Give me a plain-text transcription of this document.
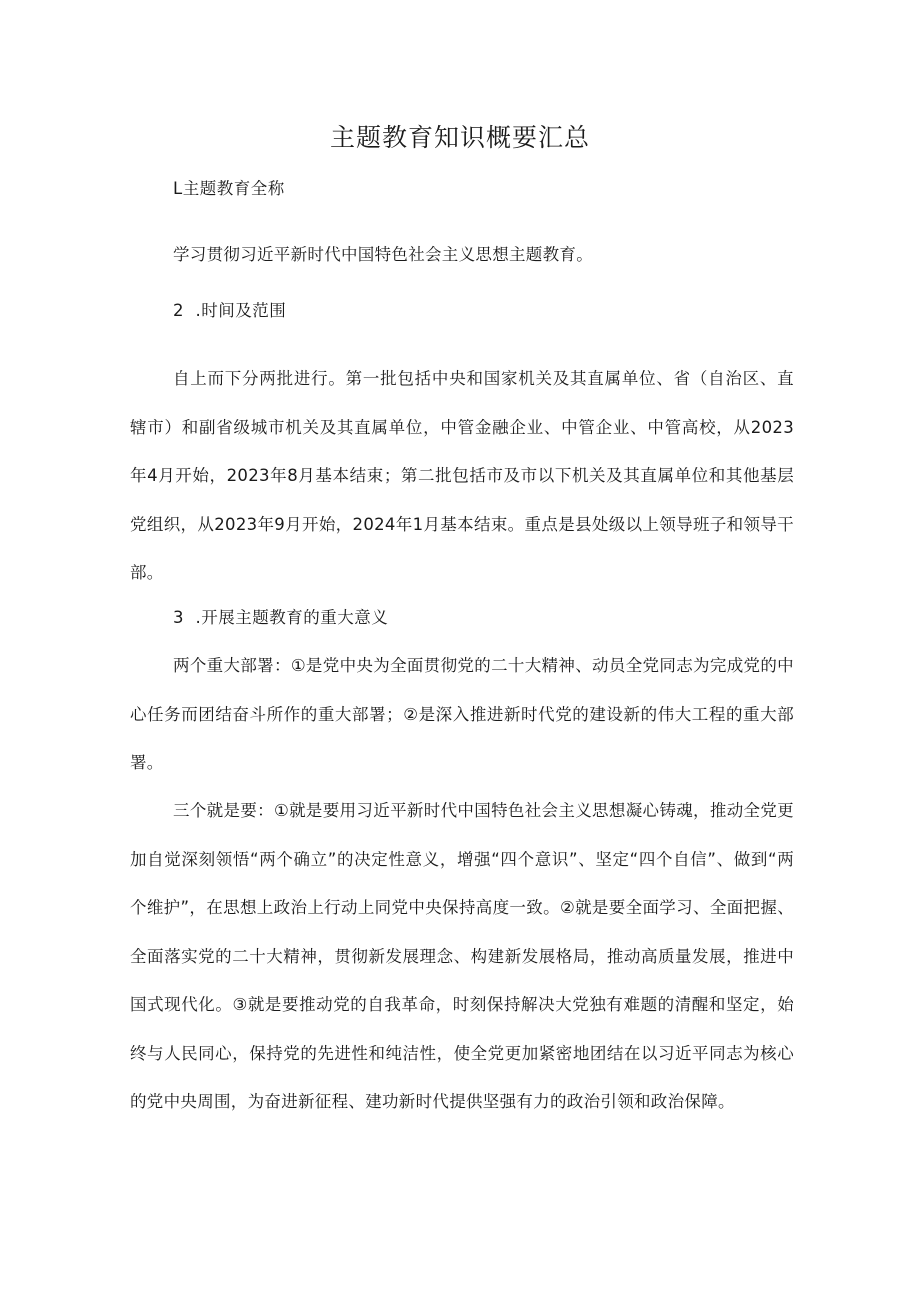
主题教育知识概要汇总
L主题教育全称

学习贯彻习近平新时代中国特色社会主义思想主题教育。

2  .时间及范围

自上而下分两批进行。第一批包括中央和国家机关及其直属单位、省（自治区、直辖市）和副省级城市机关及其直属单位，中管金融企业、中管企业、中管高校，从2023年4月开始，2023年8月基本结束；第二批包括市及市以下机关及其直属单位和其他基层党组织，从2023年9月开始，2024年1月基本结束。重点是县处级以上领导班子和领导干部。

3  .开展主题教育的重大意义

两个重大部署：①是党中央为全面贯彻党的二十大精神、动员全党同志为完成党的中心任务而团结奋斗所作的重大部署；②是深入推进新时代党的建设新的伟大工程的重大部署。

三个就是要：①就是要用习近平新时代中国特色社会主义思想凝心铸魂，推动全党更加自觉深刻领悟“两个确立”的决定性意义，增强“四个意识”、坚定“四个自信”、做到“两个维护”，在思想上政治上行动上同党中央保持高度一致。②就是要全面学习、全面把握、全面落实党的二十大精神，贯彻新发展理念、构建新发展格局，推动高质量发展，推进中国式现代化。③就是要推动党的自我革命，时刻保持解决大党独有难题的清醒和坚定，始终与人民同心，保持党的先进性和纯洁性，使全党更加紧密地团结在以习近平同志为核心的党中央周围，为奋进新征程、建功新时代提供坚强有力的政治引领和政治保障。
